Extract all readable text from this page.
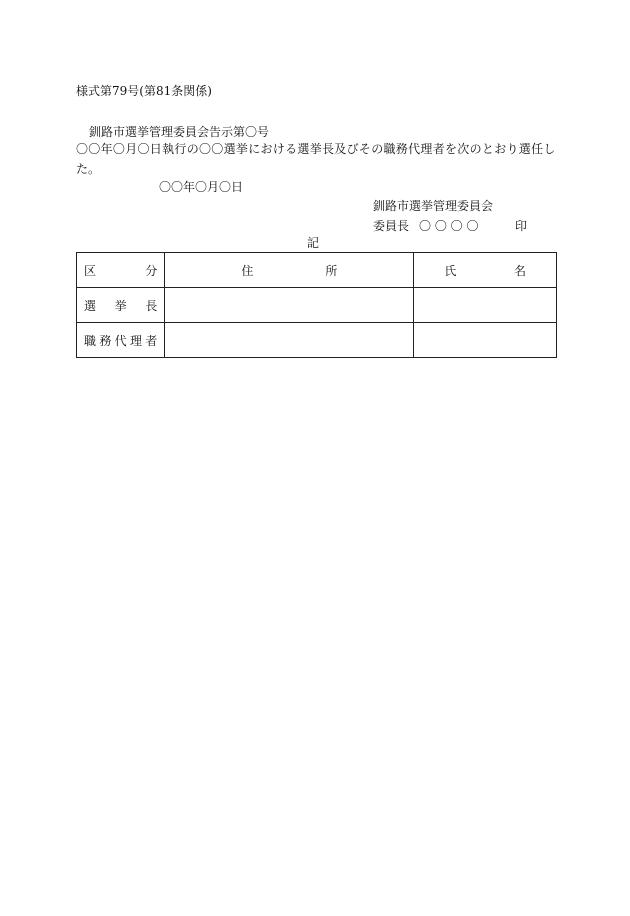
様式第79号(第81条関係)
釧路市選挙管理委員会告示第〇号
〇〇年〇月〇日執行の〇〇選挙における選挙長及びその職務代理者を次のとおり選任し
た。
〇〇年〇月〇日
釧路市選挙管理委員会
委員長 〇 〇 〇 〇	印
記
区 分	住 所	氏 名

選 挙 長		

職 務 代 理 者		
